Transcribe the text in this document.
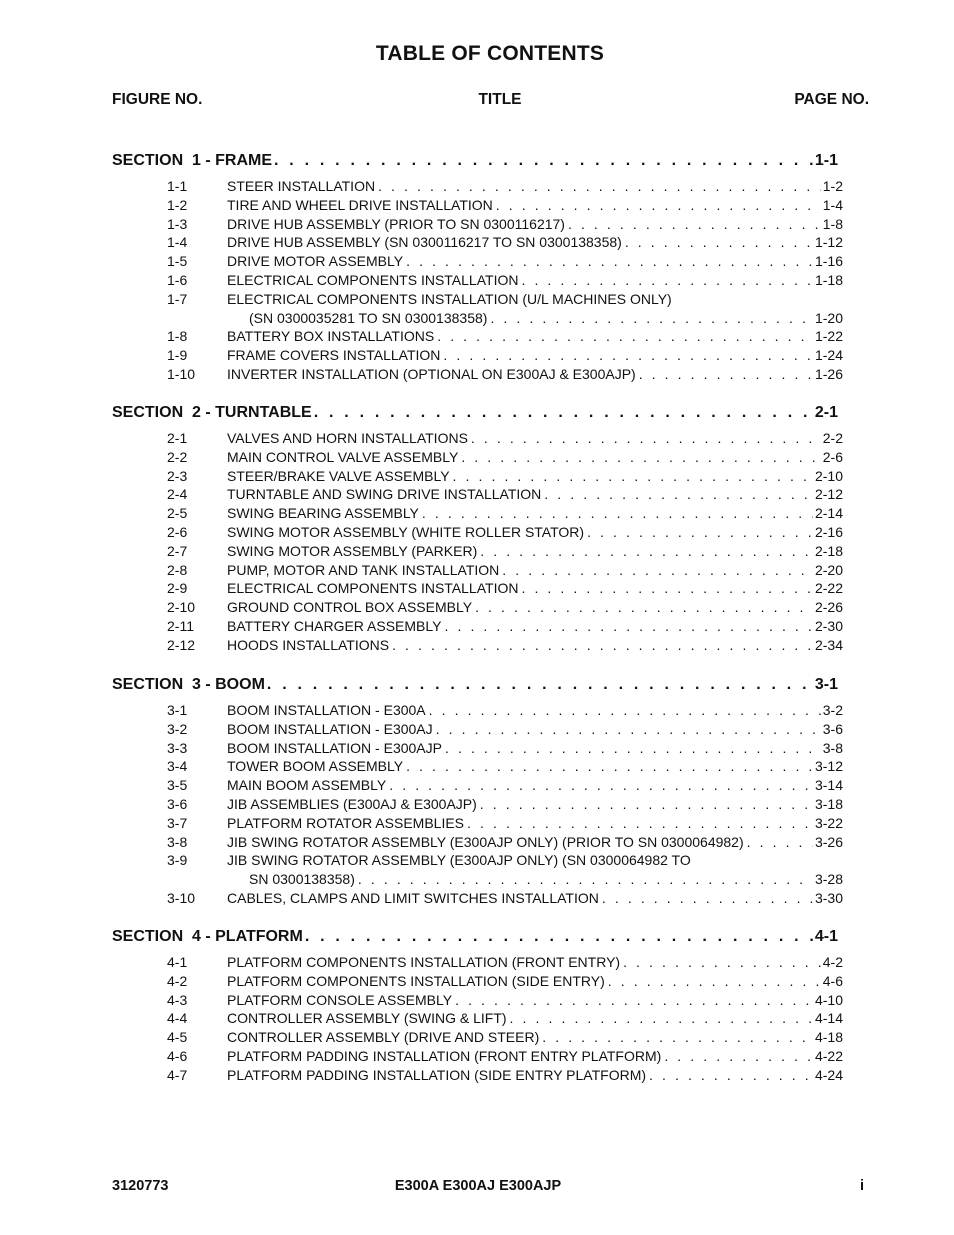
TABLE OF CONTENTS
FIGURE NO.	TITLE	PAGE NO.
SECTION  1 - FRAME . . .	1-1
1-1	STEER INSTALLATION . . .	1-2
1-2	TIRE AND WHEEL DRIVE INSTALLATION . . .	1-4
1-3	DRIVE HUB ASSEMBLY (PRIOR TO SN 0300116217) . . .	1-8
1-4	DRIVE HUB ASSEMBLY (SN 0300116217 TO SN 0300138358) . . .	1-12
1-5	DRIVE MOTOR ASSEMBLY . . .	1-16
1-6	ELECTRICAL COMPONENTS INSTALLATION . . .	1-18
1-7	ELECTRICAL COMPONENTS INSTALLATION (U/L MACHINES ONLY)
(SN 0300035281 TO SN 0300138358) . . .	1-20
1-8	BATTERY BOX INSTALLATIONS . . .	1-22
1-9	FRAME COVERS INSTALLATION . . .	1-24
1-10 INVERTER INSTALLATION (OPTIONAL ON E300AJ & E300AJP) . . .	1-26
SECTION  2 - TURNTABLE . . .	2-1
2-1	VALVES AND HORN INSTALLATIONS . . .	2-2
2-2	MAIN CONTROL VALVE ASSEMBLY . . .	2-6
2-3	STEER/BRAKE VALVE ASSEMBLY . . .	2-10
2-4	TURNTABLE AND SWING DRIVE INSTALLATION . . .	2-12
2-5	SWING BEARING ASSEMBLY . . .	2-14
2-6	SWING MOTOR ASSEMBLY (WHITE ROLLER STATOR) . . .	2-16
2-7	SWING MOTOR ASSEMBLY (PARKER) . . .	2-18
2-8	PUMP, MOTOR AND TANK INSTALLATION . . .	2-20
2-9	ELECTRICAL COMPONENTS INSTALLATION . . .	2-22
2-10 GROUND CONTROL BOX ASSEMBLY . . .	2-26
2-11 BATTERY CHARGER ASSEMBLY . . .	2-30
2-12 HOODS INSTALLATIONS . . .	2-34
SECTION  3 - BOOM . . .	3-1
3-1	BOOM INSTALLATION - E300A . . .	3-2
3-2	BOOM INSTALLATION - E300AJ . . .	3-6
3-3	BOOM INSTALLATION - E300AJP . . .	3-8
3-4	TOWER BOOM ASSEMBLY . . .	3-12
3-5	MAIN BOOM ASSEMBLY . . .	3-14
3-6	JIB ASSEMBLIES (E300AJ & E300AJP) . . .	3-18
3-7	PLATFORM ROTATOR ASSEMBLIES . . .	3-22
3-8	JIB SWING ROTATOR ASSEMBLY (E300AJP ONLY) (PRIOR TO SN 0300064982) . . .	3-26
3-9	JIB SWING ROTATOR ASSEMBLY (E300AJP ONLY) (SN 0300064982 TO
SN 0300138358) . . .	3-28
3-10 CABLES, CLAMPS AND LIMIT SWITCHES INSTALLATION . . .	3-30
SECTION  4 - PLATFORM . . .	4-1
4-1	PLATFORM COMPONENTS INSTALLATION (FRONT ENTRY) . . .	4-2
4-2	PLATFORM COMPONENTS INSTALLATION (SIDE ENTRY) . . .	4-6
4-3	PLATFORM CONSOLE ASSEMBLY . . .	4-10
4-4	CONTROLLER ASSEMBLY (SWING & LIFT) . . .	4-14
4-5	CONTROLLER ASSEMBLY (DRIVE AND STEER) . . .	4-18
4-6	PLATFORM PADDING INSTALLATION (FRONT ENTRY PLATFORM) . . .	4-22
4-7	PLATFORM PADDING INSTALLATION (SIDE ENTRY PLATFORM) . . .	4-24
3120773	E300A E300AJ E300AJP	i
